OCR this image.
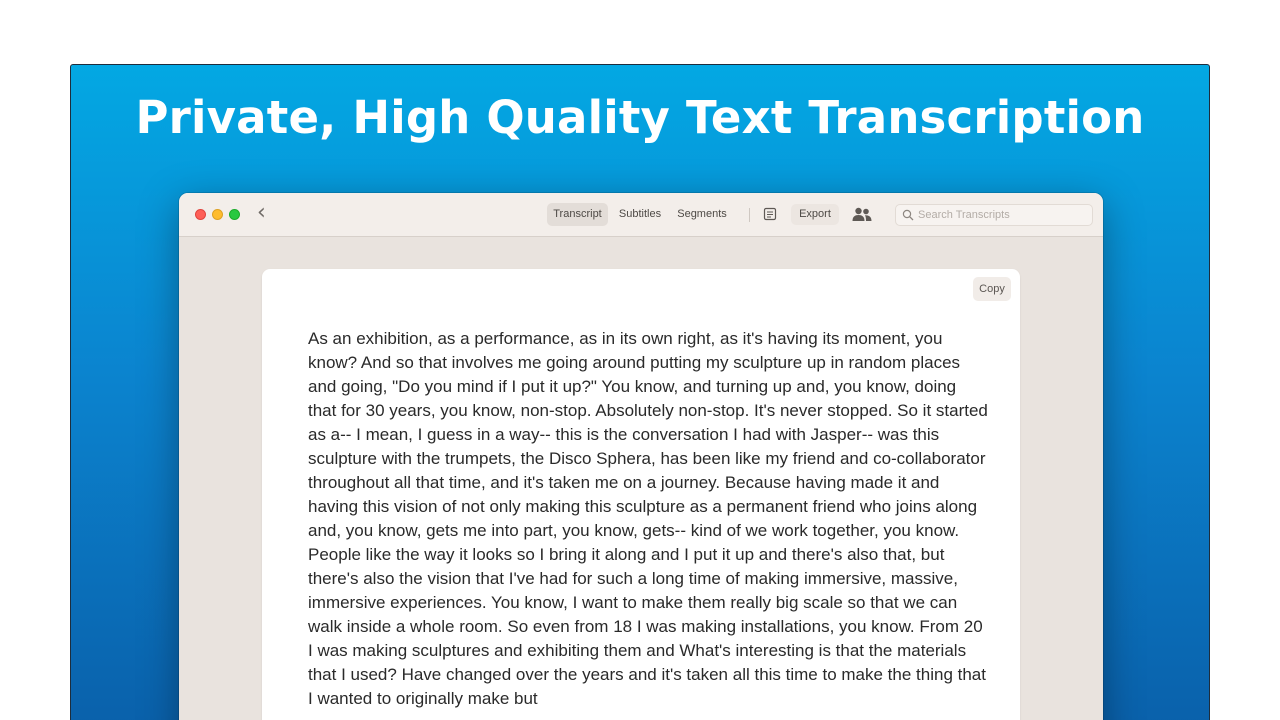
Private, High Quality Text Transcription
‹	Transcript	Subtitles	Segments	Export
Search Transcripts
Copy

As an exhibition, as a performance, as in its own right, as it's having its moment, you know? And so that involves me going around putting my sculpture up in random places and going, "Do you mind if I put it up?" You know, and turning up and, you know, doing that for 30 years, you know, non-stop. Absolutely non-stop. It's never stopped. So it started as a-- I mean, I guess in a way-- this is the conversation I had with Jasper-- was this sculpture with the trumpets, the Disco Sphera, has been like my friend and co-collaborator throughout all that time, and it's taken me on a journey. Because having made it and having this vision of not only making this sculpture as a permanent friend who joins along and, you know, gets me into part, you know, gets-- kind of we work together, you know. People like the way it looks so I bring it along and I put it up and there's also that, but there's also the vision that I've had for such a long time of making immersive, massive, immersive experiences. You know, I want to make them really big scale so that we can walk inside a whole room. So even from 18 I was making installations, you know. From 20 I was making sculptures and exhibiting them and What's interesting is that the materials that I used? Have changed over the years and it's taken all this time to make the thing that I wanted to originally make but
